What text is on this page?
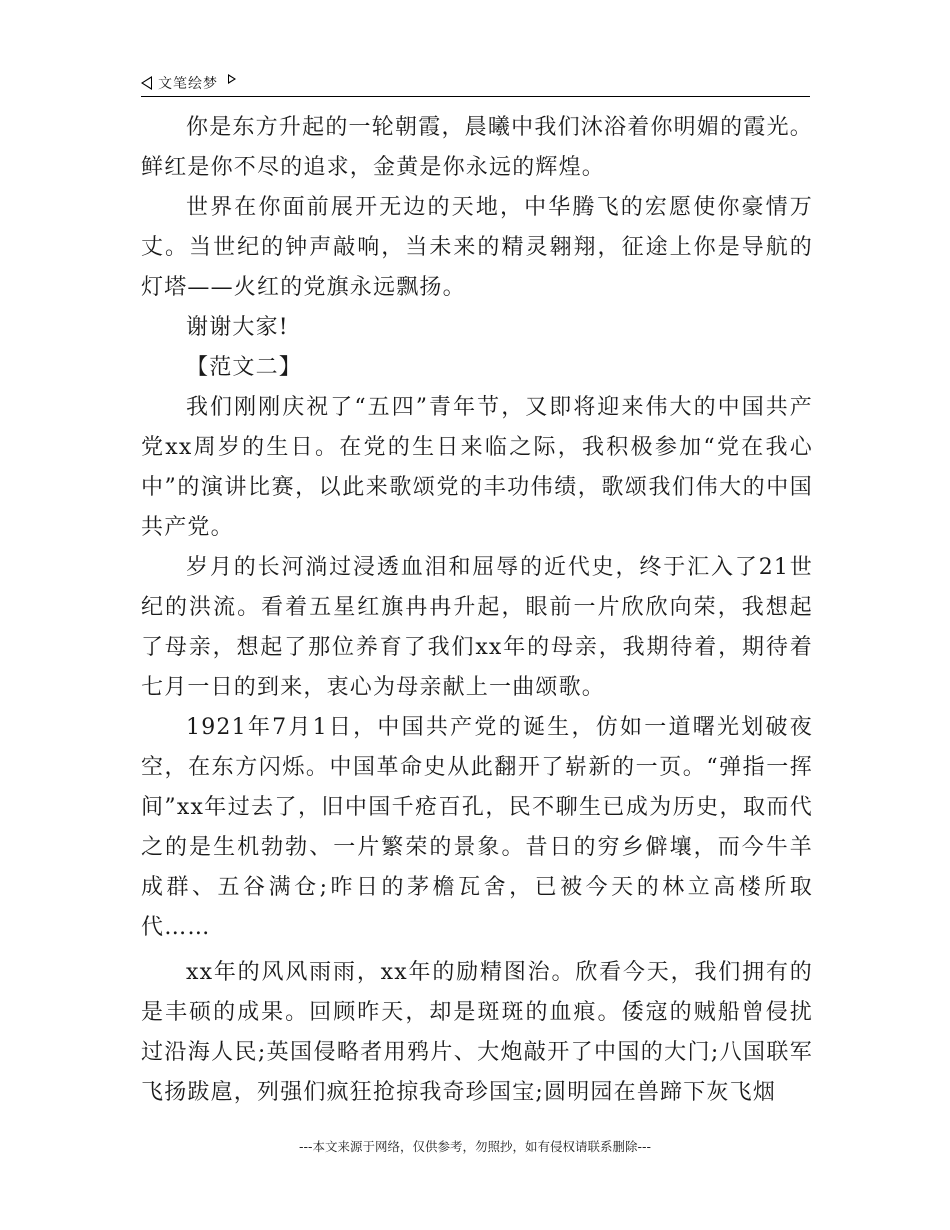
文笔绘梦

你是东方升起的一轮朝霞，晨曦中我们沐浴着你明媚的霞光。鲜红是你不尽的追求，金黄是你永远的辉煌。

世界在你面前展开无边的天地，中华腾飞的宏愿使你豪情万丈。当世纪的钟声敲响，当未来的精灵翱翔，征途上你是导航的灯塔——火红的党旗永远飘扬。

谢谢大家!

【范文二】

我们刚刚庆祝了“五四”青年节，又即将迎来伟大的中国共产党xx周岁的生日。在党的生日来临之际，我积极参加“党在我心中”的演讲比赛，以此来歌颂党的丰功伟绩，歌颂我们伟大的中国共产党。

岁月的长河淌过浸透血泪和屈辱的近代史，终于汇入了21世纪的洪流。看着五星红旗冉冉升起，眼前一片欣欣向荣，我想起了母亲，想起了那位养育了我们xx年的母亲，我期待着，期待着七月一日的到来，衷心为母亲献上一曲颂歌。

1921年7月1日，中国共产党的诞生，仿如一道曙光划破夜空，在东方闪烁。中国革命史从此翻开了崭新的一页。“弹指一挥间”xx年过去了，旧中国千疮百孔，民不聊生已成为历史，取而代之的是生机勃勃、一片繁荣的景象。昔日的穷乡僻壤，而今牛羊成群、五谷满仓;昨日的茅檐瓦舍，已被今天的林立高楼所取代……

xx年的风风雨雨，xx年的励精图治。欣看今天，我们拥有的是丰硕的成果。回顾昨天，却是斑斑的血痕。倭寇的贼船曾侵扰过沿海人民;英国侵略者用鸦片、大炮敲开了中国的大门;八国联军飞扬跋扈，列强们疯狂抢掠我奇珍国宝;圆明园在兽蹄下灰飞烟

---本文来源于网络，仅供参考，勿照抄，如有侵权请联系删除---
